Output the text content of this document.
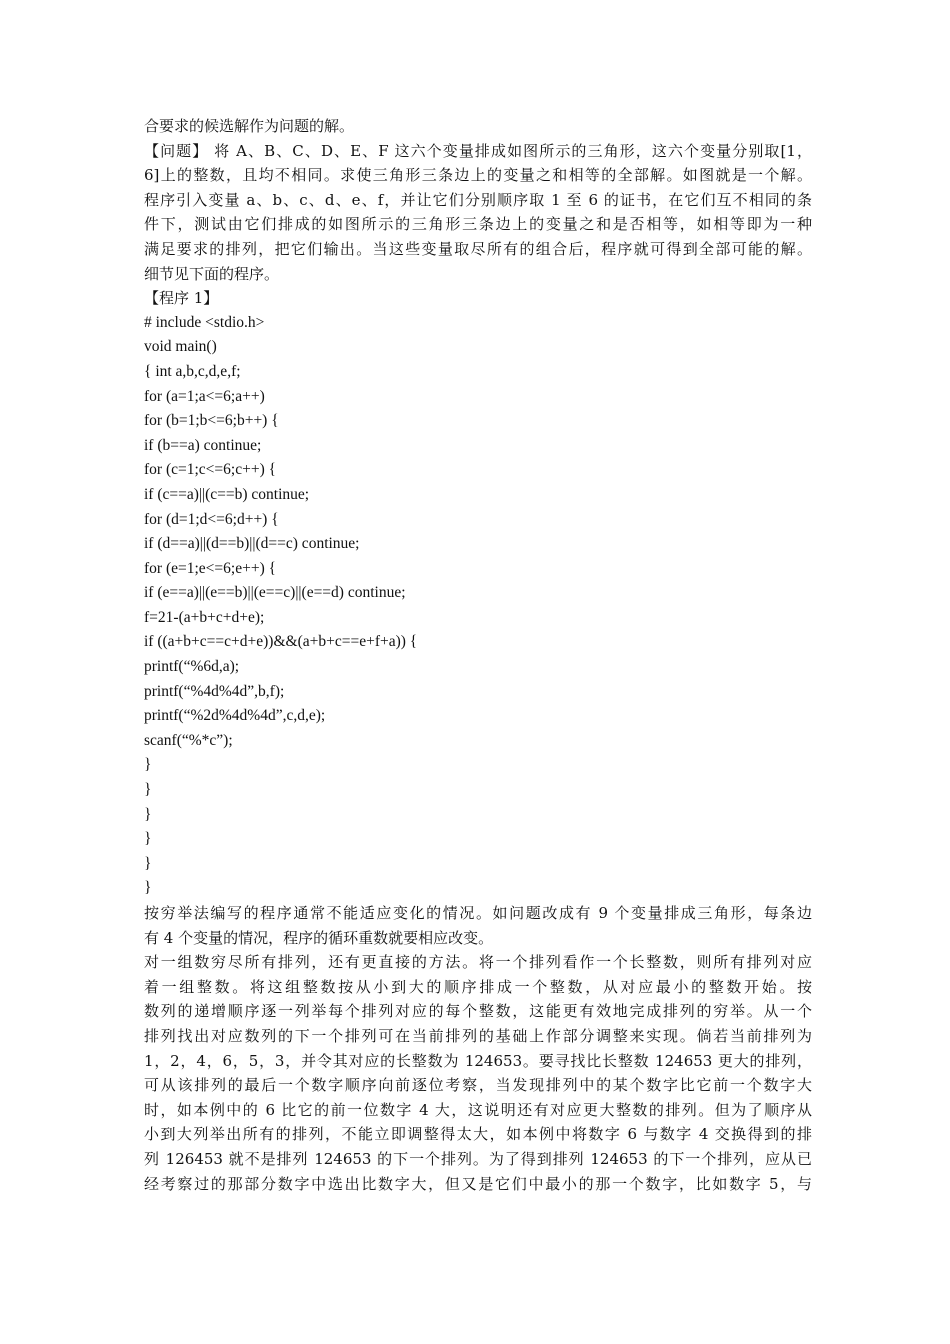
合要求的候选解作为问题的解。
【问题】 将 A、B、C、D、E、F 这六个变量排成如图所示的三角形，这六个变量分别取[1，
6]上的整数，且均不相同。求使三角形三条边上的变量之和相等的全部解。如图就是一个解。
程序引入变量 a、b、c、d、e、f，并让它们分别顺序取 1 至 6 的证书，在它们互不相同的条
件下，测试由它们排成的如图所示的三角形三条边上的变量之和是否相等，如相等即为一种
满足要求的排列，把它们输出。当这些变量取尽所有的组合后，程序就可得到全部可能的解。
细节见下面的程序。
【程序 1】
# include <stdio.h>
void main()
{ int a,b,c,d,e,f;
for (a=1;a<=6;a++)
for (b=1;b<=6;b++) {
if (b==a) continue;
for (c=1;c<=6;c++) {
if (c==a)||(c==b) continue;
for (d=1;d<=6;d++) {
if (d==a)||(d==b)||(d==c) continue;
for (e=1;e<=6;e++) {
if (e==a)||(e==b)||(e==c)||(e==d) continue;
f=21-(a+b+c+d+e);
if ((a+b+c==c+d+e))&&(a+b+c==e+f+a)) {
printf(“%6d,a);
printf(“%4d%4d”,b,f);
printf(“%2d%4d%4d”,c,d,e);
scanf(“%*c”);
}
}
}
}
}
}
按穷举法编写的程序通常不能适应变化的情况。如问题改成有 9 个变量排成三角形，每条边
有 4 个变量的情况，程序的循环重数就要相应改变。
对一组数穷尽所有排列，还有更直接的方法。将一个排列看作一个长整数，则所有排列对应
着一组整数。将这组整数按从小到大的顺序排成一个整数，从对应最小的整数开始。按
数列的递增顺序逐一列举每个排列对应的每个整数，这能更有效地完成排列的穷举。从一个
排列找出对应数列的下一个排列可在当前排列的基础上作部分调整来实现。倘若当前排列为
1，2，4，6，5，3，并令其对应的长整数为 124653。要寻找比长整数 124653 更大的排列，
可从该排列的最后一个数字顺序向前逐位考察，当发现排列中的某个数字比它前一个数字大
时，如本例中的 6 比它的前一位数字 4 大，这说明还有对应更大整数的排列。但为了顺序从
小到大列举出所有的排列，不能立即调整得太大，如本例中将数字 6 与数字 4 交换得到的排
列 126453 就不是排列 124653 的下一个排列。为了得到排列 124653 的下一个排列，应从已
经考察过的那部分数字中选出比数字大，但又是它们中最小的那一个数字，比如数字 5，与
